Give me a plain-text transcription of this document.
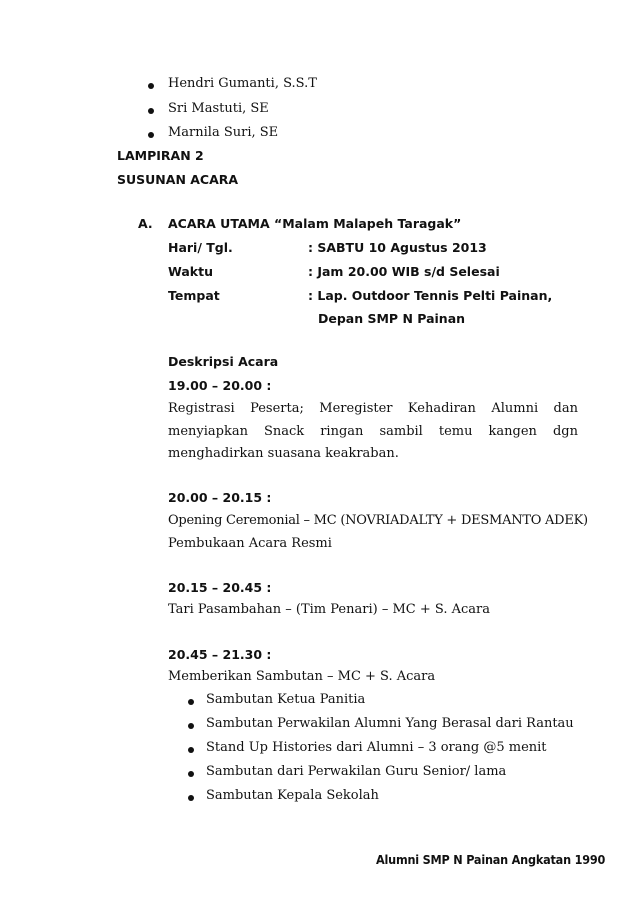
Hendri Gumanti, S.S.T
Sri Mastuti, SE
Marnila Suri, SE
LAMPIRAN 2
SUSUNAN ACARA
A. ACARA UTAMA “Malam Malapeh Taragak”
Hari/ Tgl.	: SABTU 10 Agustus 2013
Waktu	: Jam 20.00 WIB s/d Selesai
Tempat	: Lap. Outdoor Tennis Pelti Painan,
Depan SMP N Painan
Deskripsi Acara
19.00 – 20.00 :
Registrasi Peserta; Meregister Kehadiran Alumni dan
menyiapkan Snack ringan sambil temu kangen dgn
menghadirkan suasana keakraban.
20.00 – 20.15 :
Opening Ceremonial – MC (NOVRIADALTY + DESMANTO ADEK)
Pembukaan Acara Resmi
20.15 – 20.45 :
Tari Pasambahan – (Tim Penari) – MC + S. Acara
20.45 – 21.30 :
Memberikan Sambutan – MC + S. Acara
Sambutan Ketua Panitia
Sambutan Perwakilan Alumni Yang Berasal dari Rantau
Stand Up Histories dari Alumni – 3 orang @5 menit
Sambutan dari Perwakilan Guru Senior/ lama
Sambutan Kepala Sekolah
Alumni SMP N Painan Angkatan 1990
